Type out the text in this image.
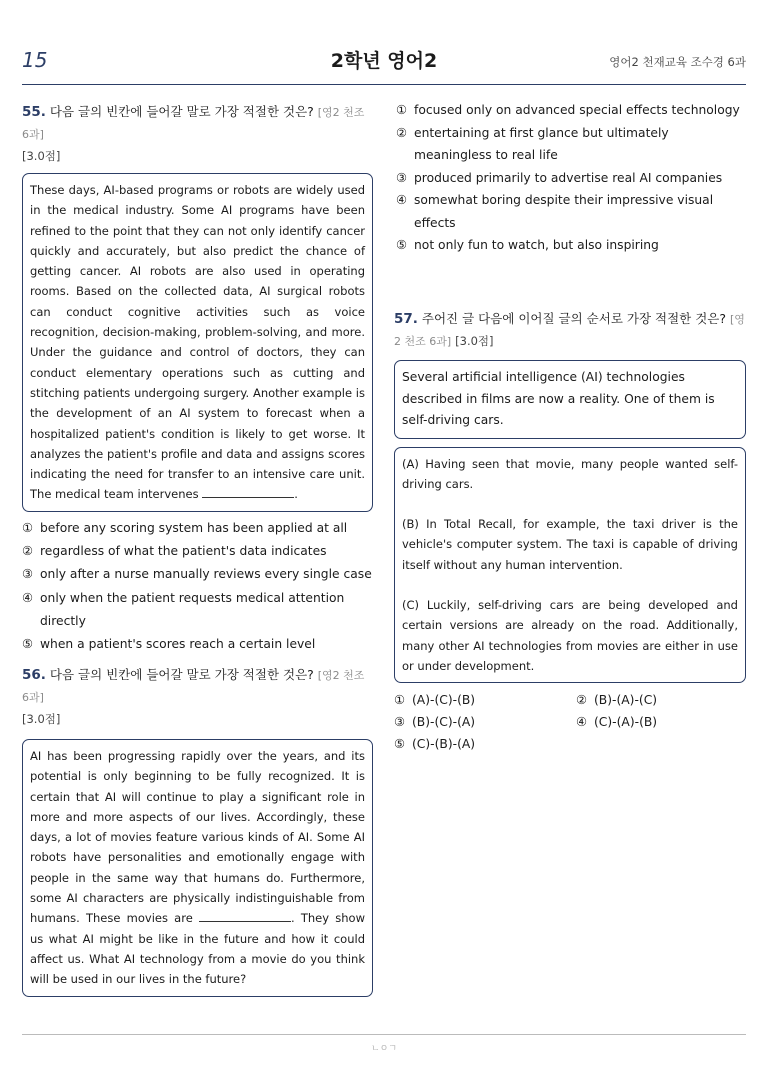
15	2학년 영어2	영어2 천재교육 조수경 6과
55. 다음 글의 빈칸에 들어갈 말로 가장 적절한 것은? [영2 천조 6과]
[3.0점]
These days, AI-based programs or robots are widely used in the medical industry. Some AI programs have been refined to the point that they can not only identify cancer quickly and accurately, but also predict the chance of getting cancer. AI robots are also used in operating rooms. Based on the collected data, AI surgical robots can conduct cognitive activities such as voice recognition, decision-making, problem-solving, and more. Under the guidance and control of doctors, they can conduct elementary operations such as cutting and stitching patients undergoing surgery. Another example is the development of an AI system to forecast when a hospitalized patient's condition is likely to get worse. It analyzes the patient's profile and data and assigns scores indicating the need for transfer to an intensive care unit. The medical team intervenes	.
① before any scoring system has been applied at all
② regardless of what the patient's data indicates
③ only after a nurse manually reviews every single case
④ only when the patient requests medical attention directly
⑤ when a patient's scores reach a certain level
56. 다음 글의 빈칸에 들어갈 말로 가장 적절한 것은? [영2 천조 6과]
[3.0점]
AI has been progressing rapidly over the years, and its potential is only beginning to be fully recognized. It is certain that AI will continue to play a significant role in more and more aspects of our lives. Accordingly, these days, a lot of movies feature various kinds of AI. Some AI robots have personalities and emotionally engage with people in the same way that humans do. Furthermore, some AI characters are physically indistinguishable from humans. These movies are	. They show us what AI might be like in the future and how it could affect us. What AI technology from a movie do you think will be used in our lives in the future?
① focused only on advanced special effects technology
② entertaining at first glance but ultimately meaningless to real life
③ produced primarily to advertise real AI companies
④ somewhat boring despite their impressive visual effects
⑤ not only fun to watch, but also inspiring
57. 주어진 글 다음에 이어질 글의 순서로 가장 적절한 것은? [영2 천조 6과] [3.0점]
Several artificial intelligence (AI) technologies described in films are now a reality. One of them is self-driving cars.
(A) Having seen that movie, many people wanted self-driving cars.
(B) In Total Recall, for example, the taxi driver is the vehicle's computer system. The taxi is capable of driving itself without any human intervention.
(C) Luckily, self-driving cars are being developed and certain versions are already on the road. Additionally, many other AI technologies from movies are either in use or under development.
① (A)-(C)-(B)	② (B)-(A)-(C)
③ (B)-(C)-(A)	④ (C)-(A)-(B)
⑤ (C)-(B)-(A)
ㄴㅇㄱ
